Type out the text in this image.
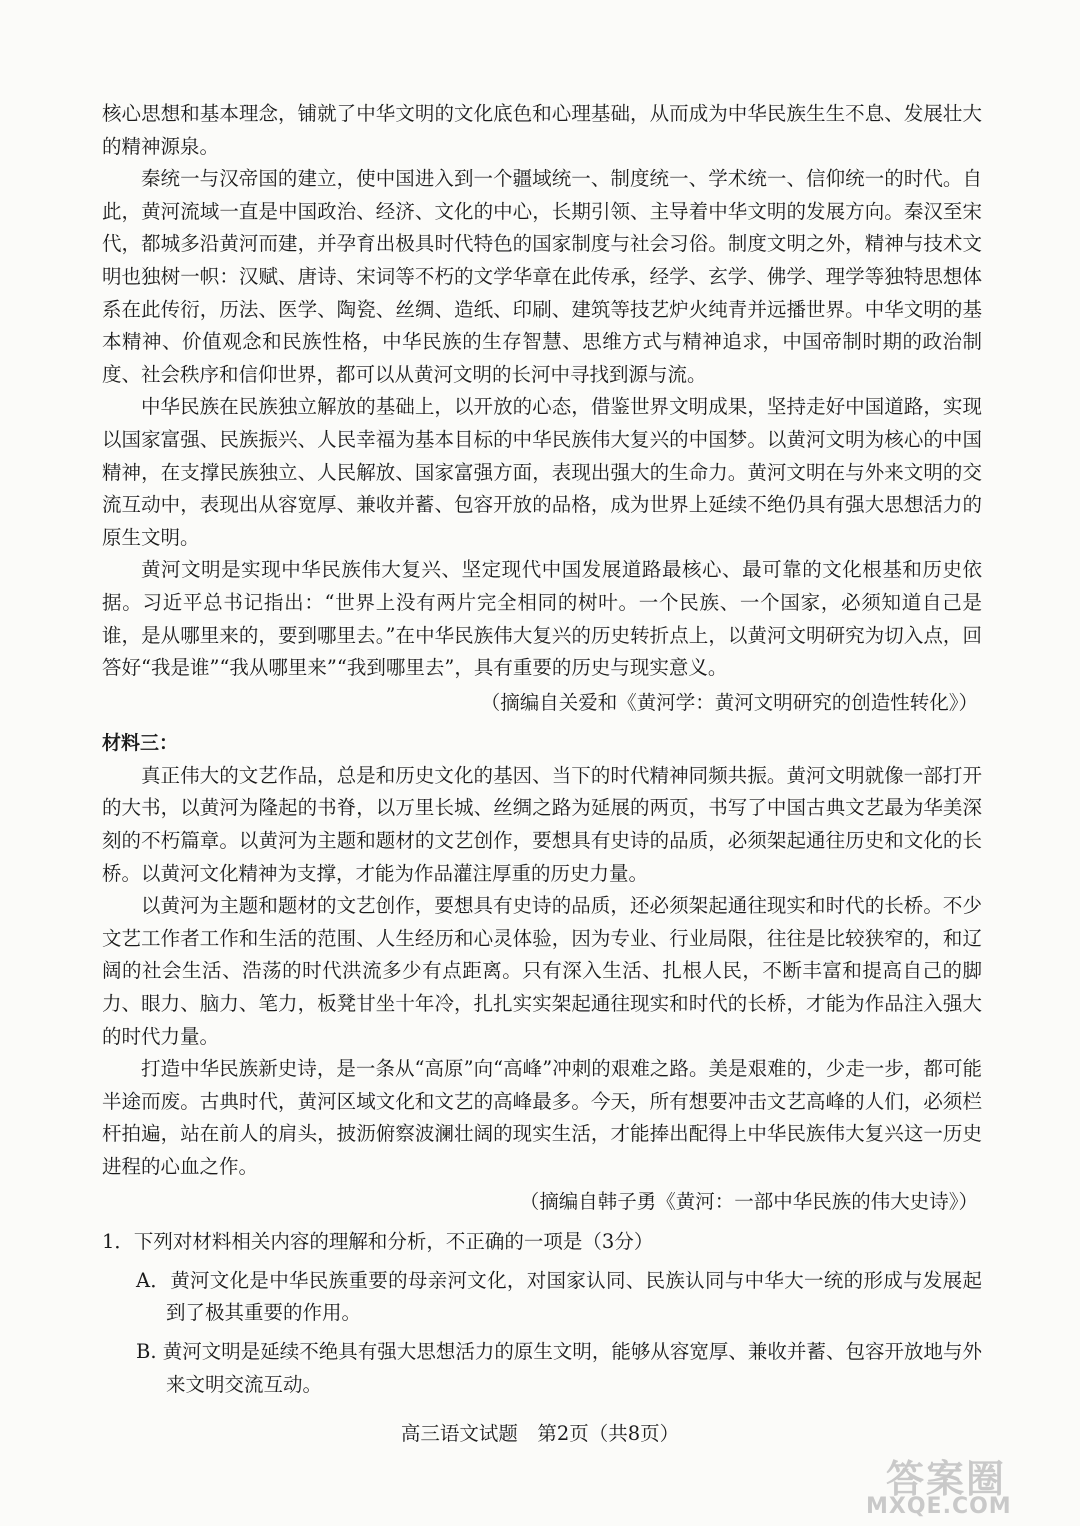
核心思想和基本理念，铺就了中华文明的文化底色和心理基础，从而成为中华民族生生不息、发展壮大的精神源泉。

秦统一与汉帝国的建立，使中国进入到一个疆域统一、制度统一、学术统一、信仰统一的时代。自此，黄河流域一直是中国政治、经济、文化的中心，长期引领、主导着中华文明的发展方向。秦汉至宋代，都城多沿黄河而建，并孕育出极具时代特色的国家制度与社会习俗。制度文明之外，精神与技术文明也独树一帜：汉赋、唐诗、宋词等不朽的文学华章在此传承，经学、玄学、佛学、理学等独特思想体系在此传衍，历法、医学、陶瓷、丝绸、造纸、印刷、建筑等技艺炉火纯青并远播世界。中华文明的基本精神、价值观念和民族性格，中华民族的生存智慧、思维方式与精神追求，中国帝制时期的政治制度、社会秩序和信仰世界，都可以从黄河文明的长河中寻找到源与流。

中华民族在民族独立解放的基础上，以开放的心态，借鉴世界文明成果，坚持走好中国道路，实现以国家富强、民族振兴、人民幸福为基本目标的中华民族伟大复兴的中国梦。以黄河文明为核心的中国精神，在支撑民族独立、人民解放、国家富强方面，表现出强大的生命力。黄河文明在与外来文明的交流互动中，表现出从容宽厚、兼收并蓄、包容开放的品格，成为世界上延续不绝仍具有强大思想活力的原生文明。

黄河文明是实现中华民族伟大复兴、坚定现代中国发展道路最核心、最可靠的文化根基和历史依据。习近平总书记指出：“世界上没有两片完全相同的树叶。一个民族、一个国家，必须知道自己是谁，是从哪里来的，要到哪里去。”在中华民族伟大复兴的历史转折点上，以黄河文明研究为切入点，回答好“我是谁”“我从哪里来”“我到哪里去”，具有重要的历史与现实意义。

（摘编自关爱和《黄河学：黄河文明研究的创造性转化》）

材料三：

真正伟大的文艺作品，总是和历史文化的基因、当下的时代精神同频共振。黄河文明就像一部打开的大书，以黄河为隆起的书脊，以万里长城、丝绸之路为延展的两页，书写了中国古典文艺最为华美深刻的不朽篇章。以黄河为主题和题材的文艺创作，要想具有史诗的品质，必须架起通往历史和文化的长桥。以黄河文化精神为支撑，才能为作品灌注厚重的历史力量。

以黄河为主题和题材的文艺创作，要想具有史诗的品质，还必须架起通往现实和时代的长桥。不少文艺工作者工作和生活的范围、人生经历和心灵体验，因为专业、行业局限，往往是比较狭窄的，和辽阔的社会生活、浩荡的时代洪流多少有点距离。只有深入生活、扎根人民，不断丰富和提高自己的脚力、眼力、脑力、笔力，板凳甘坐十年冷，扎扎实实架起通往现实和时代的长桥，才能为作品注入强大的时代力量。

打造中华民族新史诗，是一条从“高原”向“高峰”冲刺的艰难之路。美是艰难的，少走一步，都可能半途而废。古典时代，黄河区域文化和文艺的高峰最多。今天，所有想要冲击文艺高峰的人们，必须栏杆拍遍，站在前人的肩头，披沥俯察波澜壮阔的现实生活，才能捧出配得上中华民族伟大复兴这一历史进程的心血之作。

（摘编自韩子勇《黄河：一部中华民族的伟大史诗》）

1．下列对材料相关内容的理解和分析，不正确的一项是（3分）

A．黄河文化是中华民族重要的母亲河文化，对国家认同、民族认同与中华大一统的形成与发展起到了极其重要的作用。

B. 黄河文明是延续不绝具有强大思想活力的原生文明，能够从容宽厚、兼收并蓄、包容开放地与外来文明交流互动。

高三语文试题　第2页（共8页）
答案圈
MXQE.COM
